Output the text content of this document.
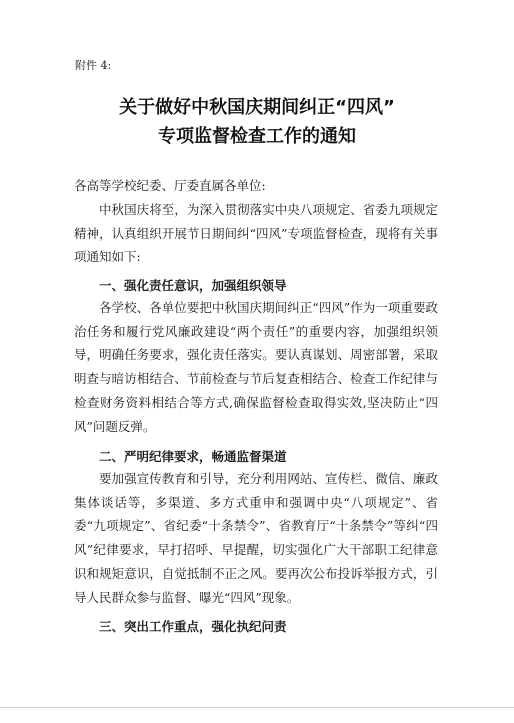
附件 4:
关于做好中秋国庆期间纠正“四风”
专项监督检查工作的通知
各高等学校纪委、厅委直属各单位:
中秋国庆将至，为深入贯彻落实中央八项规定、省委九项规定精神，认真组织开展节日期间纠“四风”专项监督检查，现将有关事项通知如下:
一、强化责任意识，加强组织领导
各学校、各单位要把中秋国庆期间纠正“四风”作为一项重要政治任务和履行党风廉政建设“两个责任”的重要内容，加强组织领导，明确任务要求，强化责任落实。要认真谋划、周密部署，采取明查与暗访相结合、节前检查与节后复查相结合、检查工作纪律与检查财务资料相结合等方式,确保监督检查取得实效,坚决防止“四风”问题反弹。
二、严明纪律要求，畅通监督渠道
要加强宣传教育和引导，充分利用网站、宣传栏、微信、廉政集体谈话等，多渠道、多方式重申和强调中央“八项规定”、省委“九项规定”、省纪委“十条禁令”、省教育厅“十条禁令”等纠“四风”纪律要求，早打招呼、早提醒，切实强化广大干部职工纪律意识和规矩意识，自觉抵制不正之风。要再次公布投诉举报方式，引导人民群众参与监督、曝光“四风”现象。
三、突出工作重点，强化执纪问责
